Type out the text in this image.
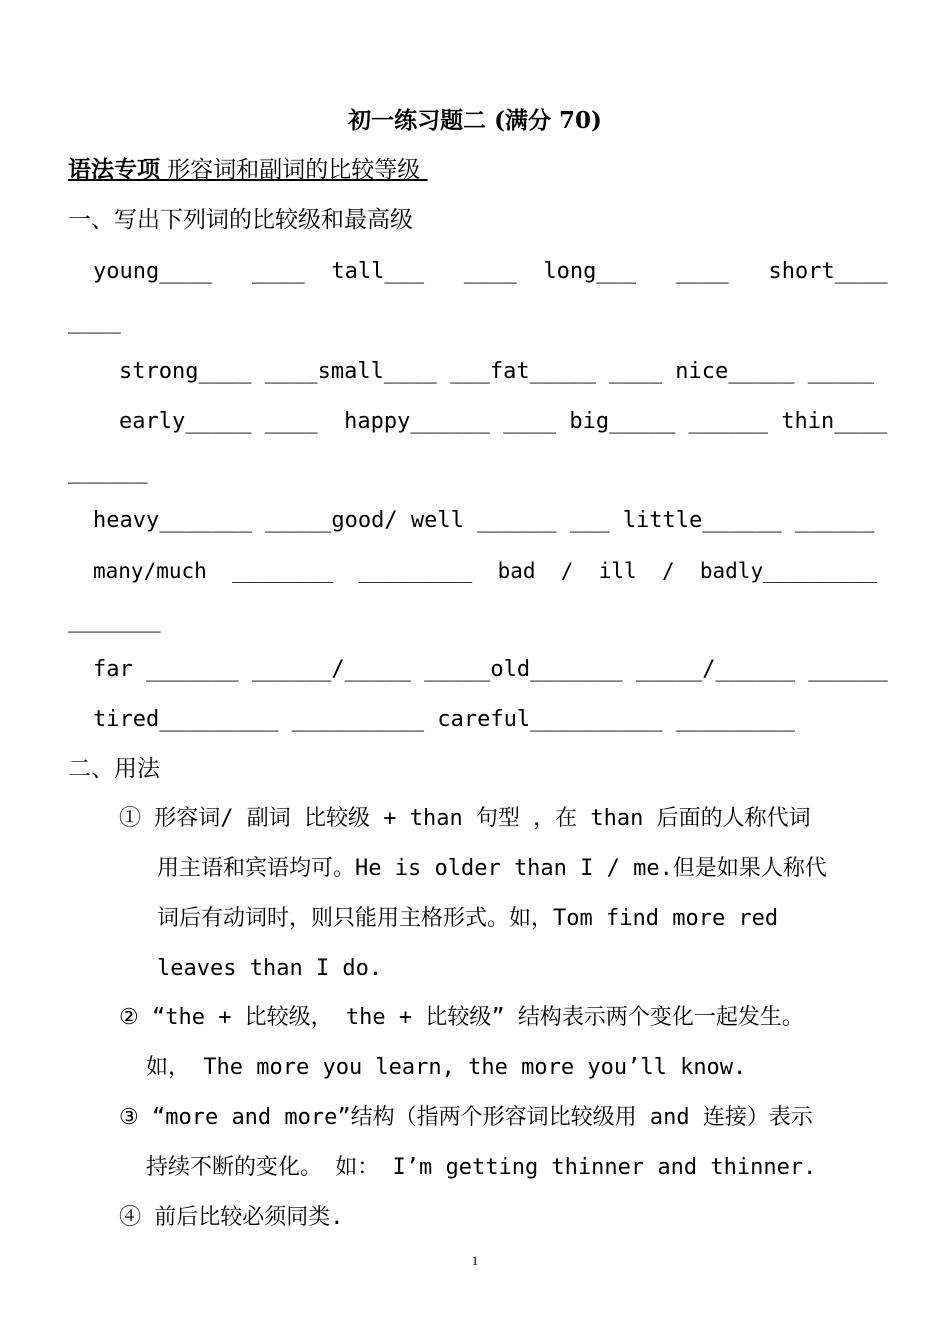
初一练习题二 (满分 70)
语法专项 形容词和副词的比较等级
一、写出下列词的比较级和最高级
young____   ____  tall___   ____  long___   ____   short____
____
strong____ ____small____ ___fat_____ ____ nice_____ _____
early_____ ____  happy______ ____ big_____ ______ thin____
______
heavy_______ _____good/ well ______ ___ little______ ______
many/much  ________  _________  bad  /  ill  /  badly_________
_______
far _______ ______/_____ _____old_______ _____/______ ______
tired_________ __________ careful__________ _________
二、用法
① 形容词/ 副词 比较级 + than 句型 ，在 than 后面的人称代词
用主语和宾语均可。He is older than I / me.但是如果人称代
词后有动词时，则只能用主格形式。如，Tom find more red
leaves than I do.
② “the + 比较级， the + 比较级” 结构表示两个变化一起发生。
如， The more you learn, the more you’ll know.
③ “more and more”结构（指两个形容词比较级用 and 连接）表示
持续不断的变化。 如： I’m getting thinner and thinner.
④ 前后比较必须同类.
1
